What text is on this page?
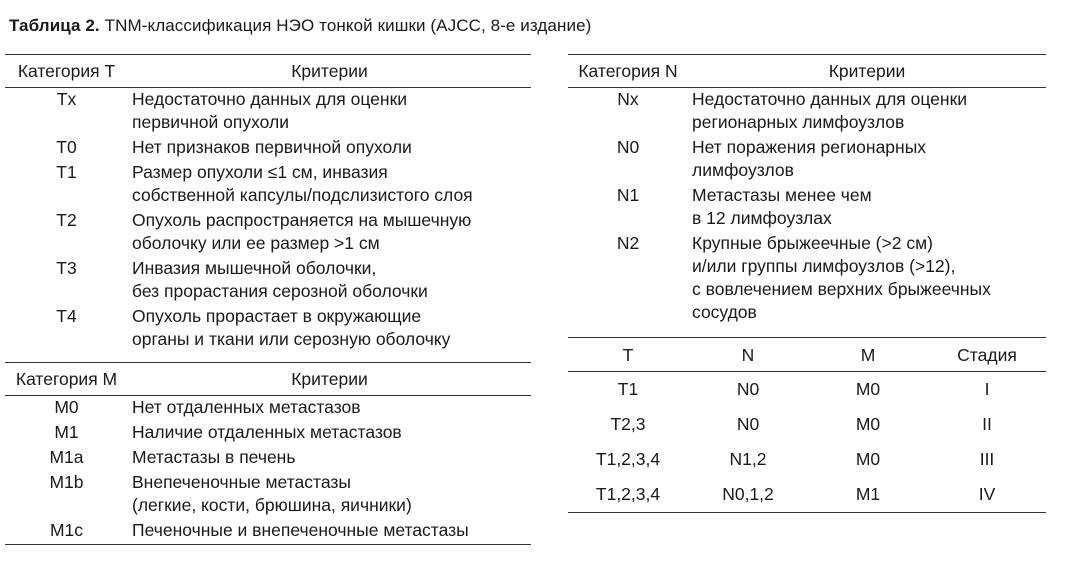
Таблица 2. TNM-классификация НЭО тонкой кишки (AJCC, 8-е издание)
Категория T	Критерии
Tx	Недостаточно данных для оценки
первичной опухоли

T0	Нет признаков первичной опухоли

T1	Размер опухоли ≤1 см, инвазия
собственной капсулы/подслизистого слоя

T2	Опухоль распространяется на мышечную
оболочку или ее размер >1 см

T3	Инвазия мышечной оболочки,
без прорастания серозной оболочки

T4	Опухоль прорастает в окружающие
органы и ткани или серозную оболочку
Категория M	Критерии
M0	Нет отдаленных метастазов

M1	Наличие отдаленных метастазов

M1a	Метастазы в печень

M1b	Внепеченочные метастазы
(легкие, кости, брюшина, яичники)

M1c	Печеночные и внепеченочные метастазы
Категория N	Критерии
Nx	Недостаточно данных для оценки
регионарных лимфоузлов

N0	Нет поражения регионарных
лимфоузлов

N1	Метастазы менее чем
в 12 лимфоузлах

N2	Крупные брыжеечные (>2 см)
и/или группы лимфоузлов (>12),
с вовлечением верхних брыжеечных
сосудов
T	N	M	Стадия
T1	N0	M0	I
T2,3	N0	M0	II
T1,2,3,4	N1,2	M0	III
T1,2,3,4	N0,1,2	M1	IV
